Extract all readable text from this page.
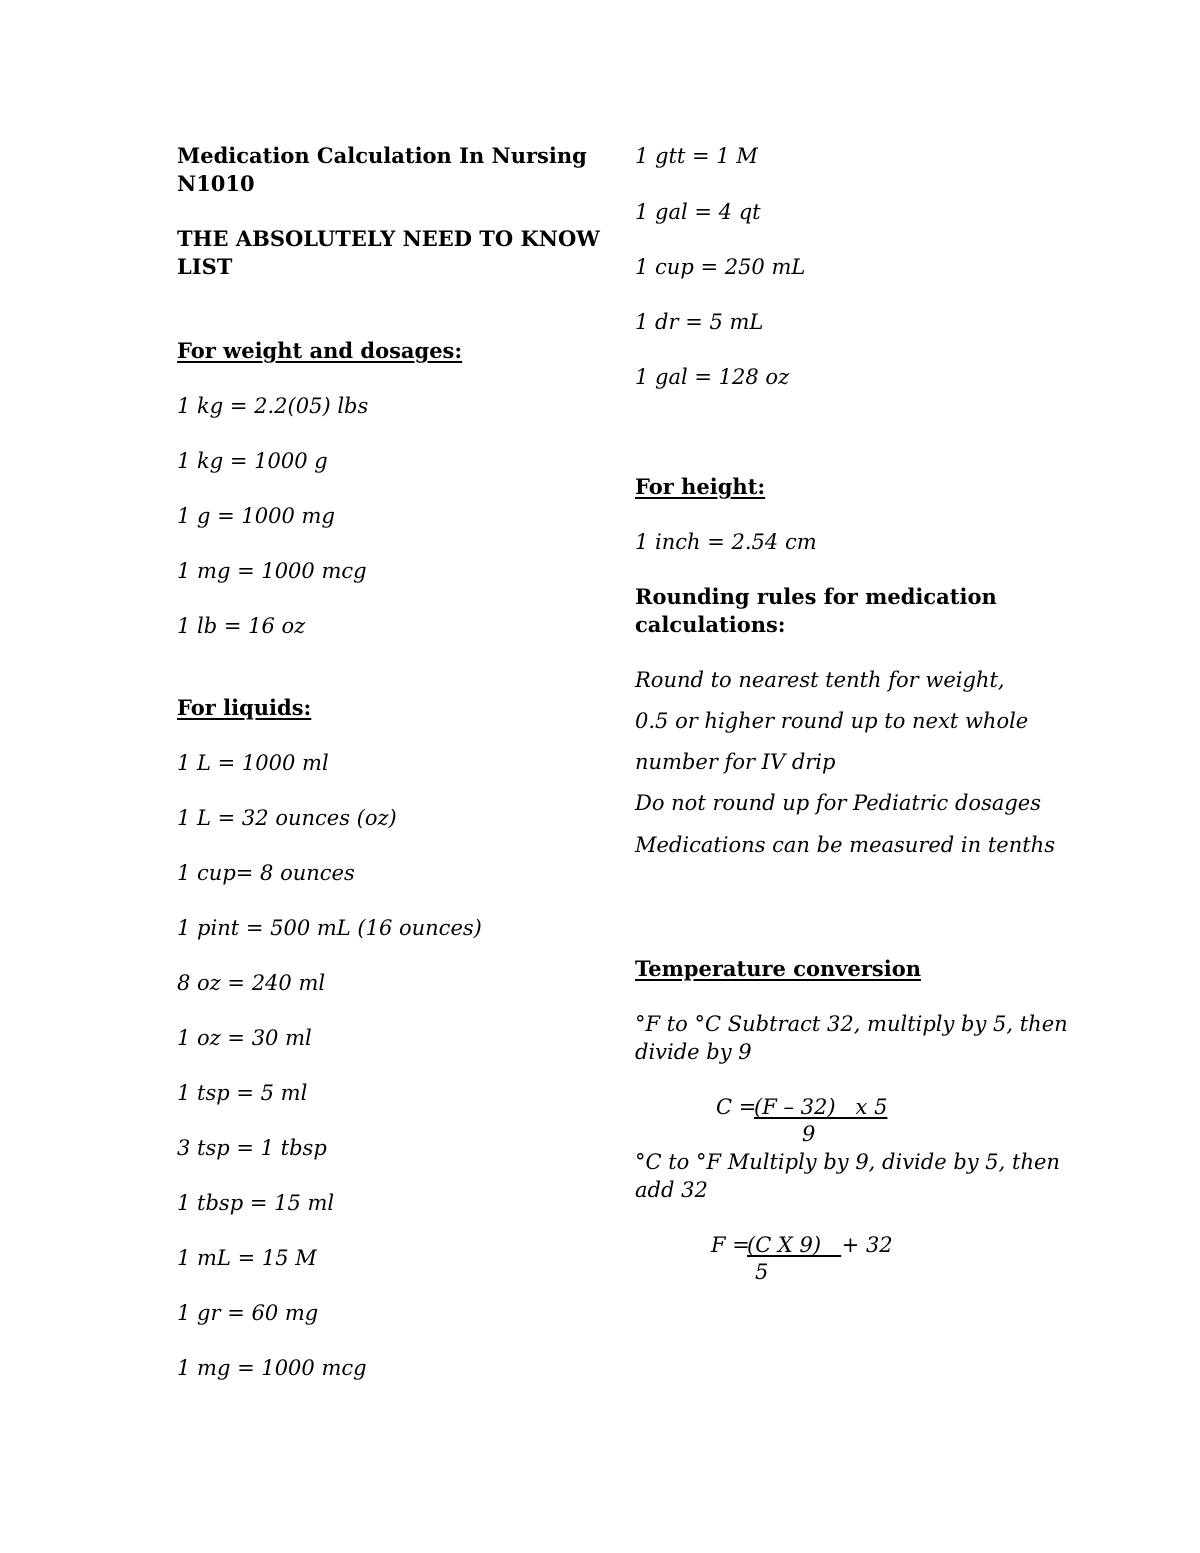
Medication Calculation In Nursing
N1010
THE ABSOLUTELY NEED TO KNOW
LIST
For weight and dosages:
1 kg = 2.2(05) lbs
1 kg = 1000 g
1 g = 1000 mg
1 mg = 1000 mcg
1 lb = 16 oz
For liquids:
1 L = 1000 ml
1 L = 32 ounces (oz)
1 cup= 8 ounces
1 pint = 500 mL (16 ounces)
8 oz = 240 ml
1 oz = 30 ml
1 tsp = 5 ml
3 tsp = 1 tbsp
1 tbsp = 15 ml
1 mL = 15 M
1 gr = 60 mg
1 mg = 1000 mcg
1 gtt = 1 M
1 gal = 4 qt
1 cup = 250 mL
1 dr = 5 mL
1 gal = 128 oz
For height:
1 inch = 2.54 cm
Rounding rules for medication
calculations:
Round to nearest tenth for weight,
0.5 or higher round up to next whole
number for IV drip
Do not round up for Pediatric dosages
Medications can be measured in tenths
Temperature conversion
°F to °C Subtract 32, multiply by 5, then
divide by 9
C =
(F – 32)   x 5
9
°C to °F Multiply by 9, divide by 5, then
add 32
F =
(C X 9)
+ 32
5
